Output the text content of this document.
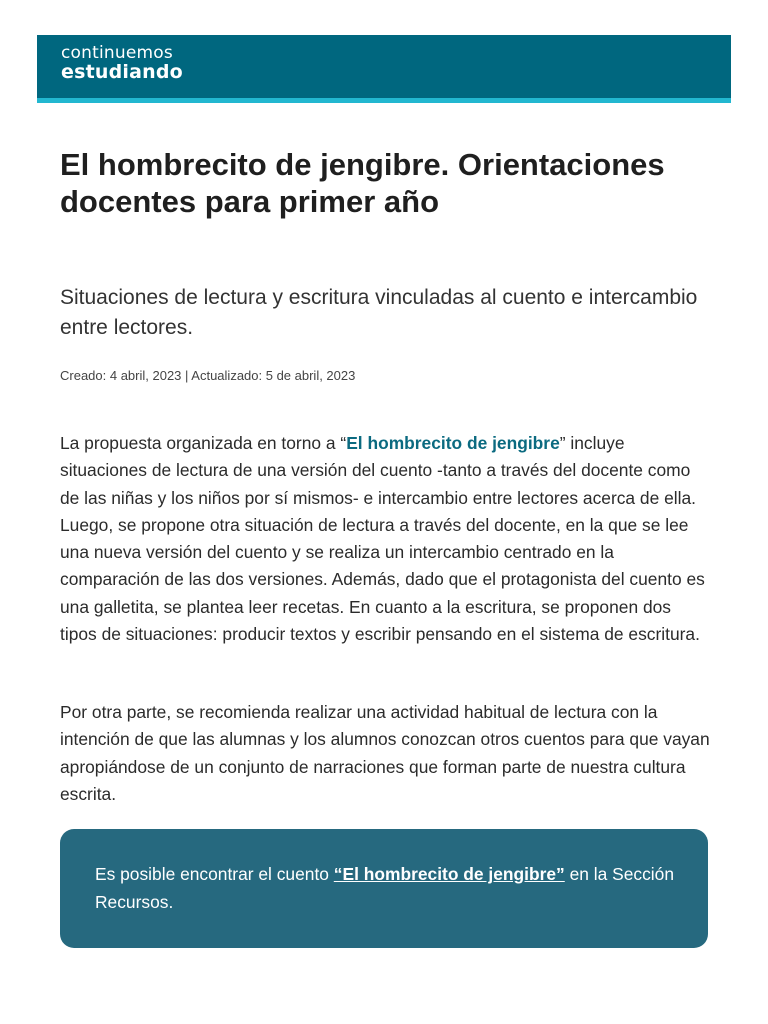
continuemos
estudiando
El hombrecito de jengibre. Orientaciones docentes para primer año

Situaciones de lectura y escritura vinculadas al cuento e intercambio entre lectores.

Creado: 4 abril, 2023 | Actualizado: 5 de abril, 2023

La propuesta organizada en torno a “El hombrecito de jengibre” incluye situaciones de lectura de una versión del cuento -tanto a través del docente como de las niñas y los niños por sí mismos- e intercambio entre lectores acerca de ella. Luego, se propone otra situación de lectura a través del docente, en la que se lee una nueva versión del cuento y se realiza un intercambio centrado en la comparación de las dos versiones. Además, dado que el protagonista del cuento es una galletita, se plantea leer recetas. En cuanto a la escritura, se proponen dos tipos de situaciones: producir textos y escribir pensando en el sistema de escritura.

Por otra parte, se recomienda realizar una actividad habitual de lectura con la intención de que las alumnas y los alumnos conozcan otros cuentos para que vayan apropiándose de un conjunto de narraciones que forman parte de nuestra cultura escrita.

Es posible encontrar el cuento “El hombrecito de jengibre” en la Sección Recursos.
